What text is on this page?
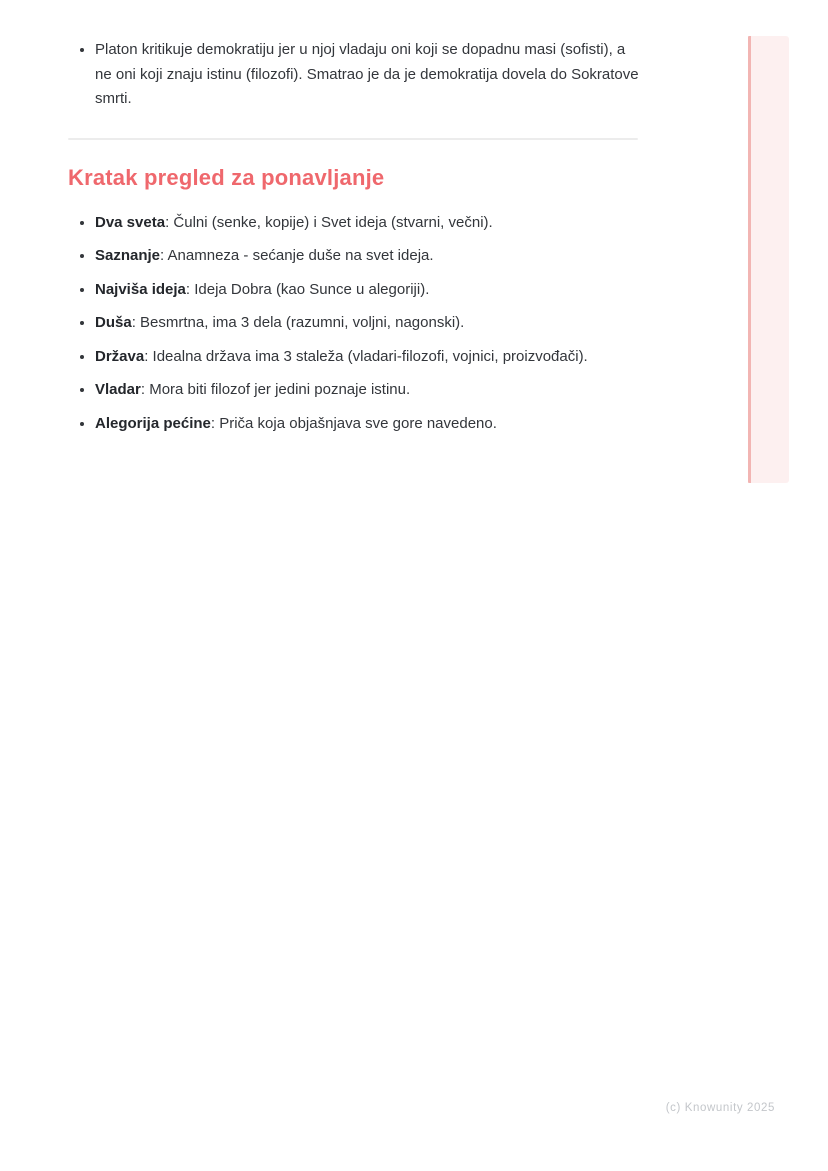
• Platon kritikuje demokratiju jer u njoj vladaju oni koji se dopadnu masi (sofisti), a ne oni koji znaju istinu (filozofi). Smatrao je da je demokratija dovela do Sokratove smrti.
Kratak pregled za ponavljanje
• Dva sveta: Čulni (senke, kopije) i Svet ideja (stvarni, večni).
• Saznanje: Anamneza - sećanje duše na svet ideja.
• Najviša ideja: Ideja Dobra (kao Sunce u alegoriji).
• Duša: Besmrtna, ima 3 dela (razumni, voljni, nagonski).
• Država: Idealna država ima 3 staleža (vladari-filozofi, vojnici, proizvođači).
• Vladar: Mora biti filozof jer jedini poznaje istinu.
• Alegorija pećine: Priča koja objašnjava sve gore navedeno.
(c) Knowunity 2025
